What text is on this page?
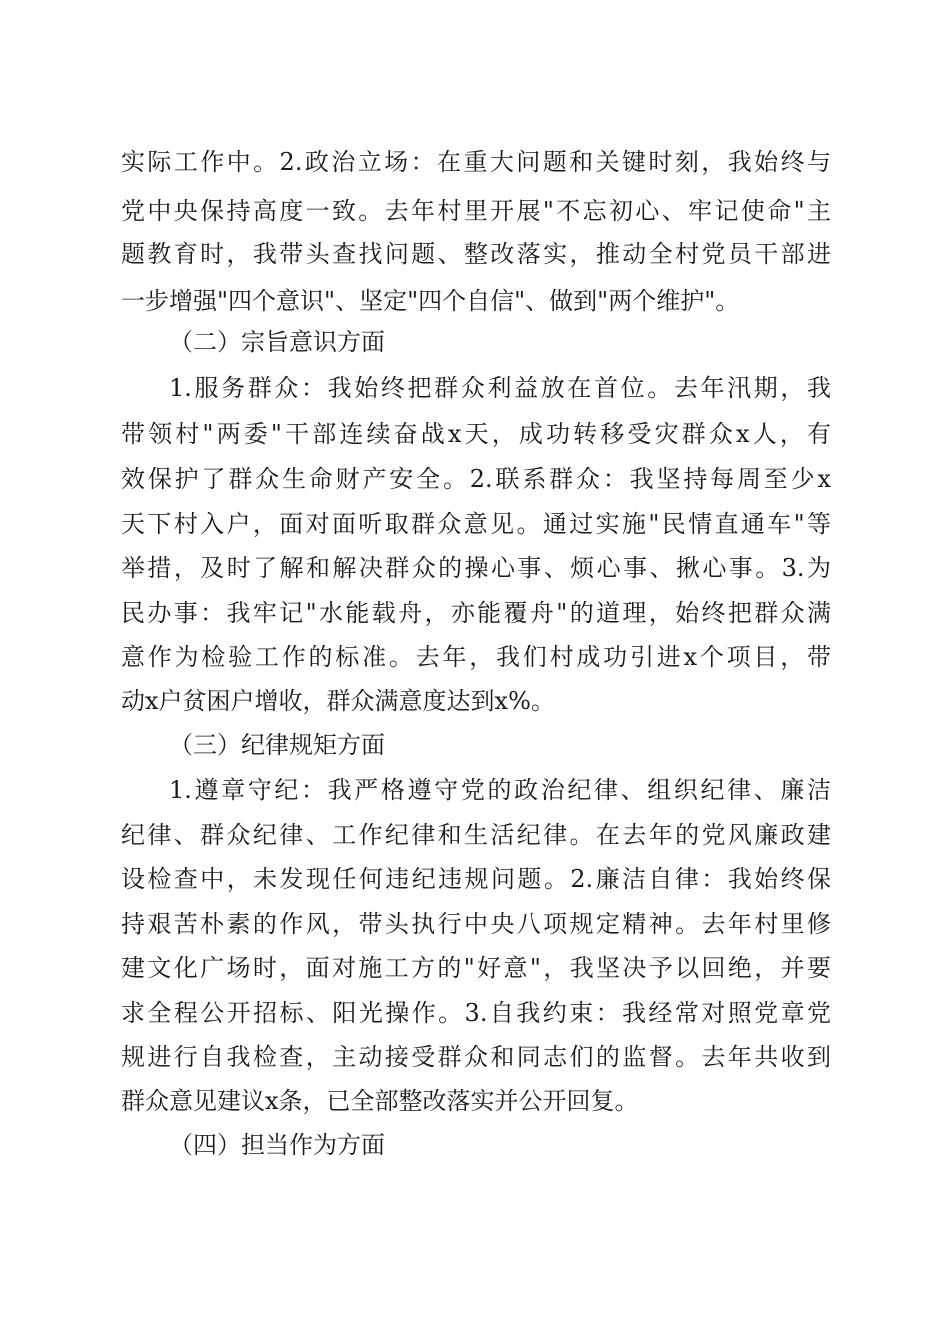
实际工作中。2.政治立场：在重大问题和关键时刻，我始终与
党中央保持高度一致。去年村里开展"不忘初心、牢记使命"主
题教育时，我带头查找问题、整改落实，推动全村党员干部进
一步增强"四个意识"、坚定"四个自信"、做到"两个维护"。
（二）宗旨意识方面
1.服务群众：我始终把群众利益放在首位。去年汛期，我
带领村"两委"干部连续奋战x天，成功转移受灾群众x人，有
效保护了群众生命财产安全。2.联系群众：我坚持每周至少x
天下村入户，面对面听取群众意见。通过实施"民情直通车"等
举措，及时了解和解决群众的操心事、烦心事、揪心事。3.为
民办事：我牢记"水能载舟，亦能覆舟"的道理，始终把群众满
意作为检验工作的标准。去年，我们村成功引进x个项目，带
动x户贫困户增收，群众满意度达到x%。
（三）纪律规矩方面
1.遵章守纪：我严格遵守党的政治纪律、组织纪律、廉洁
纪律、群众纪律、工作纪律和生活纪律。在去年的党风廉政建
设检查中，未发现任何违纪违规问题。2.廉洁自律：我始终保
持艰苦朴素的作风，带头执行中央八项规定精神。去年村里修
建文化广场时，面对施工方的"好意"，我坚决予以回绝，并要
求全程公开招标、阳光操作。3.自我约束：我经常对照党章党
规进行自我检查，主动接受群众和同志们的监督。去年共收到
群众意见建议x条，已全部整改落实并公开回复。
（四）担当作为方面
